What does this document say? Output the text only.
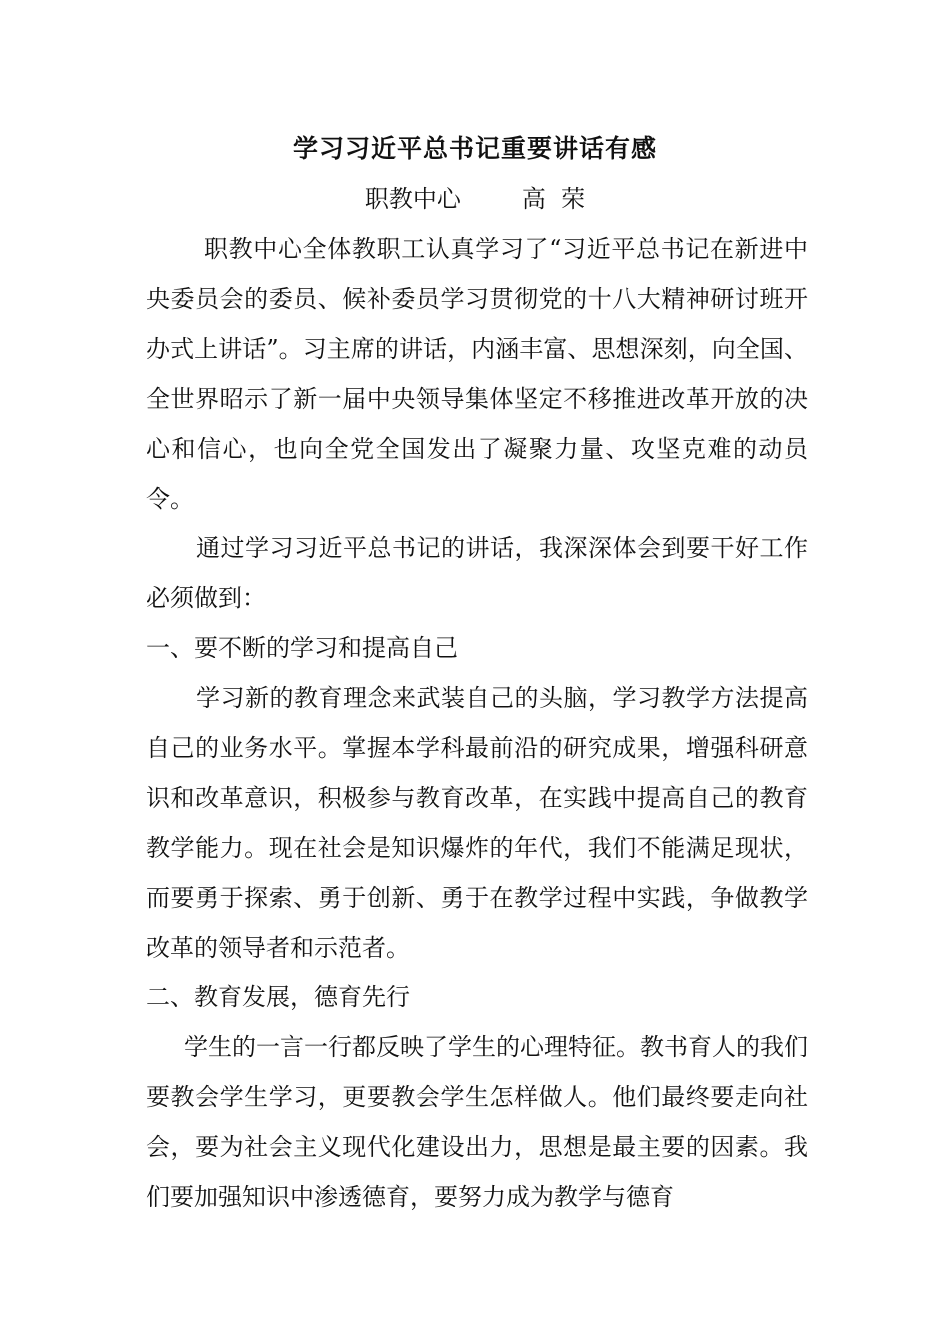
学习习近平总书记重要讲话有感
职教中心        高  荣
职教中心全体教职工认真学习了“习近平总书记在新进中央委员会的委员、候补委员学习贯彻党的十八大精神研讨班开办式上讲话”。习主席的讲话，内涵丰富、思想深刻，向全国、全世界昭示了新一届中央领导集体坚定不移推进改革开放的决心和信心，也向全党全国发出了凝聚力量、攻坚克难的动员令。
通过学习习近平总书记的讲话，我深深体会到要干好工作必须做到：
一、要不断的学习和提高自己
学习新的教育理念来武装自己的头脑，学习教学方法提高自己的业务水平。掌握本学科最前沿的研究成果，增强科研意识和改革意识，积极参与教育改革，在实践中提高自己的教育教学能力。现在社会是知识爆炸的年代，我们不能满足现状，而要勇于探索、勇于创新、勇于在教学过程中实践，争做教学改革的领导者和示范者。
二、教育发展，德育先行
学生的一言一行都反映了学生的心理特征。教书育人的我们要教会学生学习，更要教会学生怎样做人。他们最终要走向社会，要为社会主义现代化建设出力，思想是最主要的因素。我们要加强知识中渗透德育，要努力成为教学与德育
